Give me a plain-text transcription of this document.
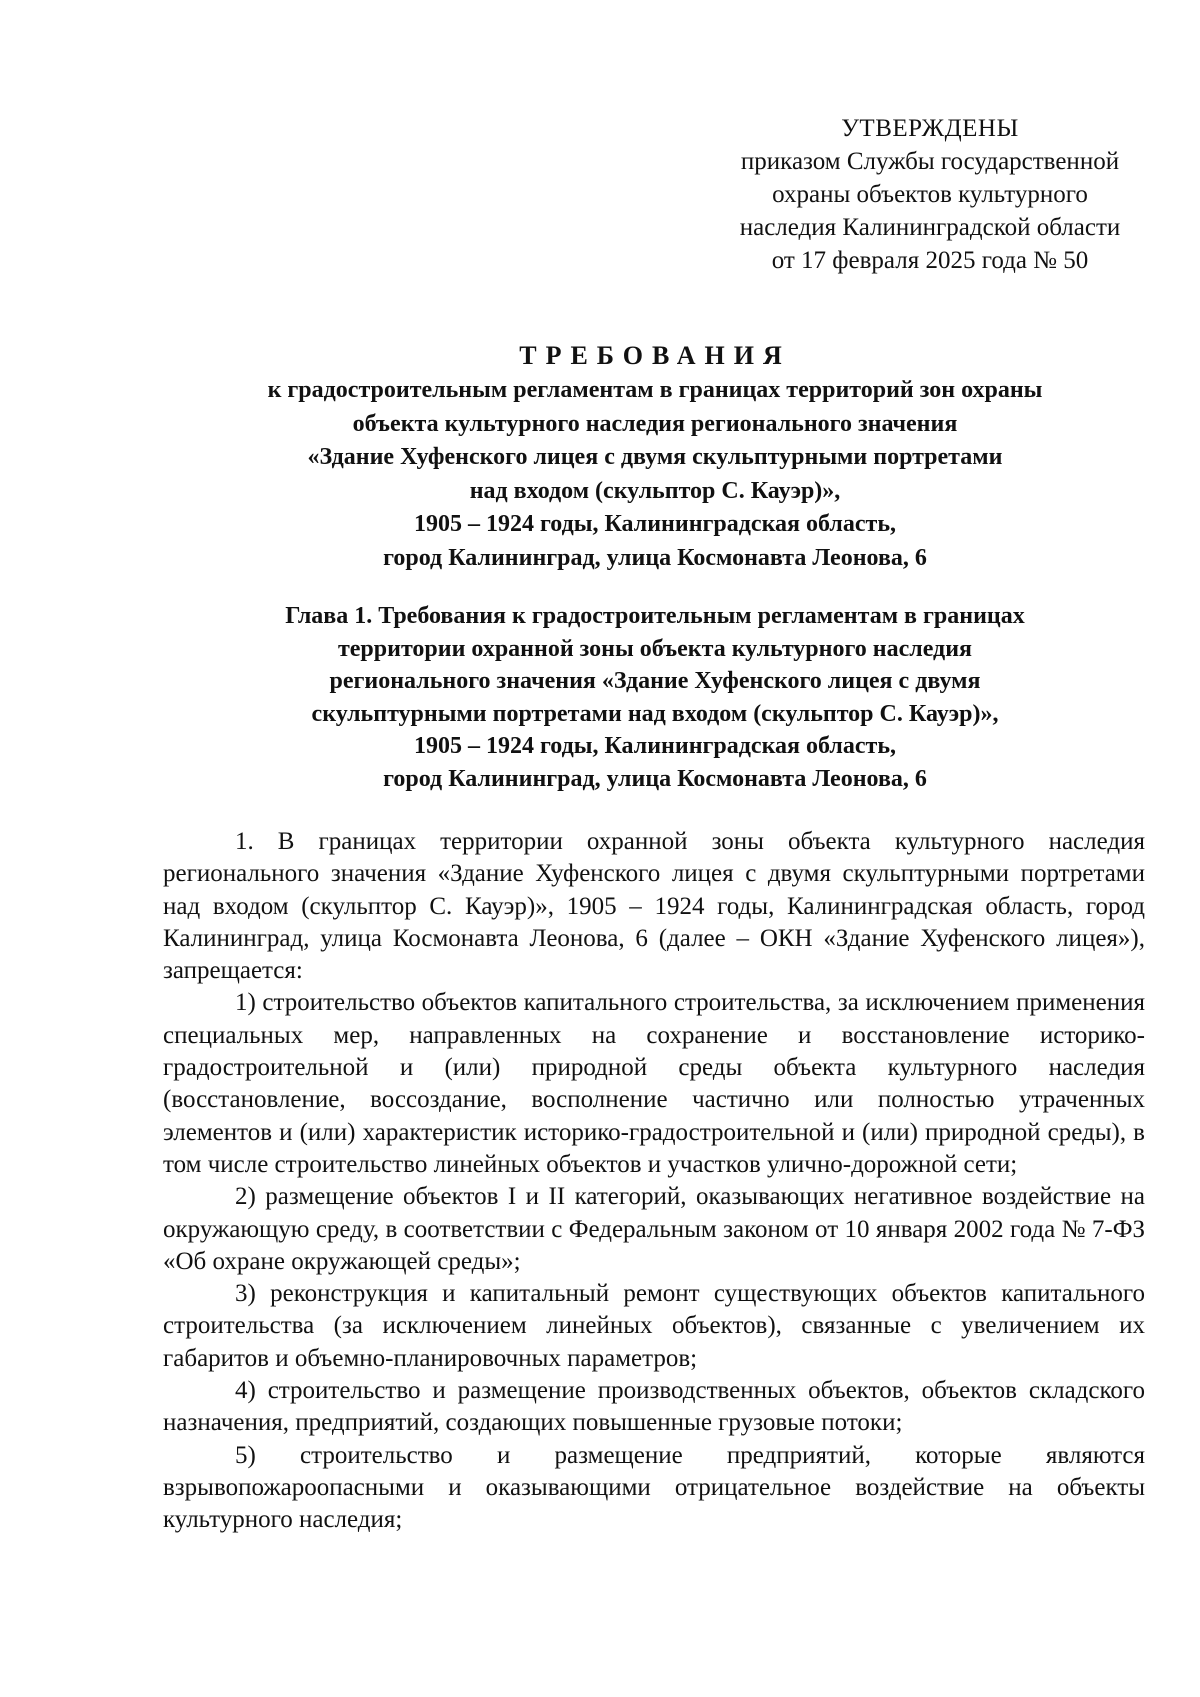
УТВЕРЖДЕНЫ
приказом Службы государственной
охраны объектов культурного
наследия Калининградской области
от 17 февраля 2025 года № 50
ТРЕБОВАНИЯ
к градостроительным регламентам в границах территорий зон охраны
объекта культурного наследия регионального значения
«Здание Хуфенского лицея с двумя скульптурными портретами
над входом (скульптор С. Кауэр)»,
1905 – 1924 годы, Калининградская область,
город Калининград, улица Космонавта Леонова, 6
Глава 1. Требования к градостроительным регламентам в границах
территории охранной зоны объекта культурного наследия
регионального значения «Здание Хуфенского лицея с двумя
скульптурными портретами над входом (скульптор С. Кауэр)»,
1905 – 1924 годы, Калининградская область,
город Калининград, улица Космонавта Леонова, 6

1. В границах территории охранной зоны объекта культурного наследия регионального значения «Здание Хуфенского лицея с двумя скульптурными портретами над входом (скульптор С. Кауэр)», 1905 – 1924 годы, Калининградская область, город Калининград, улица Космонавта Леонова, 6 (далее – ОКН «Здание Хуфенского лицея»), запрещается:

1) строительство объектов капитального строительства, за исключением применения специальных мер, направленных на сохранение и восстановление историко-градостроительной и (или) природной среды объекта культурного наследия (восстановление, воссоздание, восполнение частично или полностью утраченных элементов и (или) характеристик историко-градостроительной и (или) природной среды), в том числе строительство линейных объектов и участков улично-дорожной сети;

2) размещение объектов I и II категорий, оказывающих негативное воздействие на окружающую среду, в соответствии с Федеральным законом от 10 января 2002 года № 7-ФЗ «Об охране окружающей среды»;

3) реконструкция и капитальный ремонт существующих объектов капитального строительства (за исключением линейных объектов), связанные с увеличением их габаритов и объемно-планировочных параметров;

4) строительство и размещение производственных объектов, объектов складского назначения, предприятий, создающих повышенные грузовые потоки;

5) строительство и размещение предприятий, которые являются взрывопожароопасными и оказывающими отрицательное воздействие на объекты культурного наследия;
